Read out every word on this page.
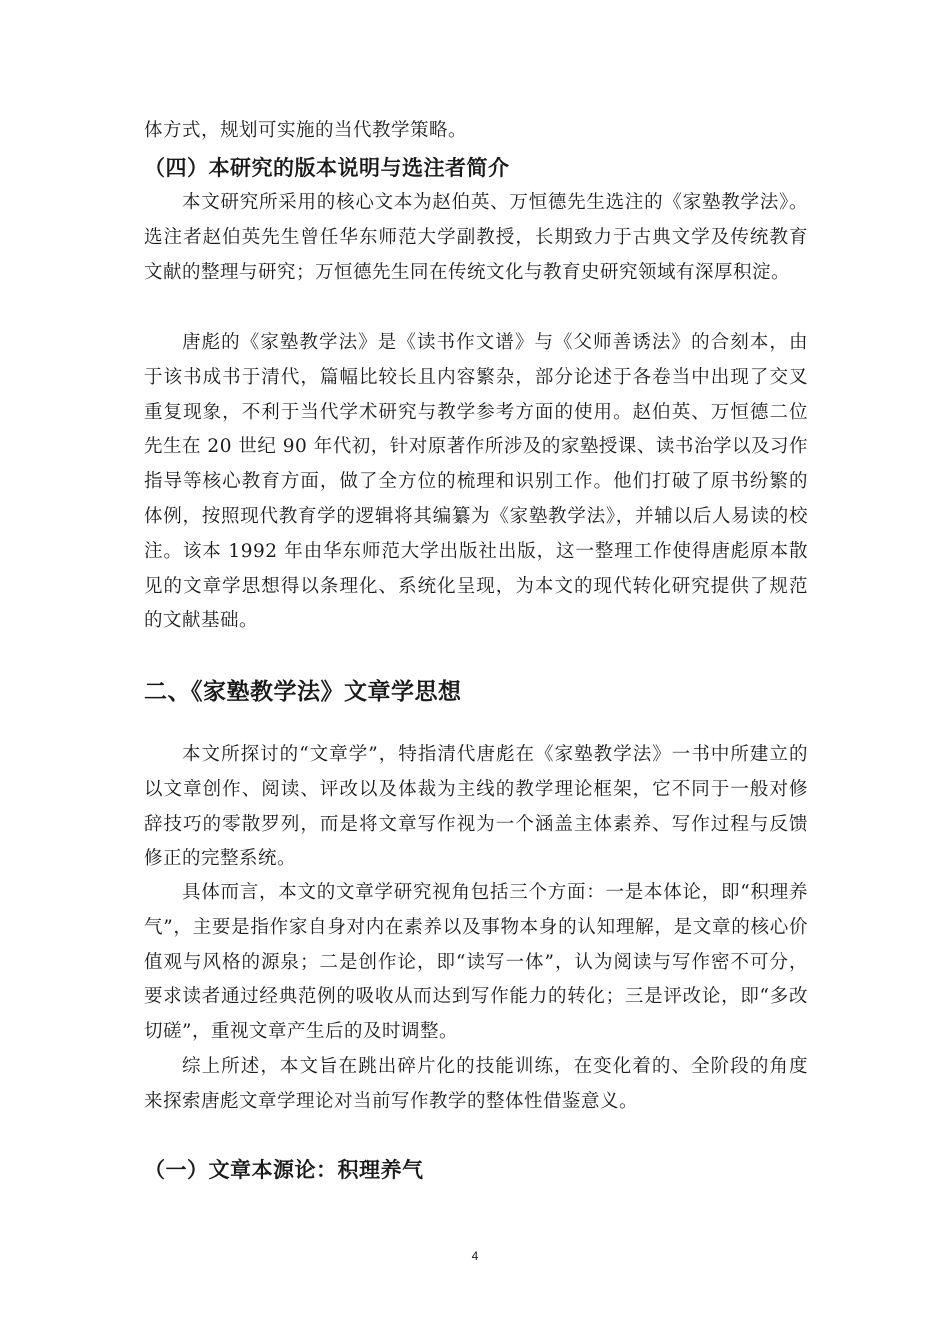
体方式，规划可实施的当代教学策略。

（四）本研究的版本说明与选注者简介

本文研究所采用的核心文本为赵伯英、万恒德先生选注的《家塾教学法》。选注者赵伯英先生曾任华东师范大学副教授，长期致力于古典文学及传统教育文献的整理与研究；万恒德先生同在传统文化与教育史研究领域有深厚积淀。

唐彪的《家塾教学法》是《读书作文谱》与《父师善诱法》的合刻本，由于该书成书于清代，篇幅比较长且内容繁杂，部分论述于各卷当中出现了交叉重复现象，不利于当代学术研究与教学参考方面的使用。赵伯英、万恒德二位先生在 20 世纪 90 年代初，针对原著作所涉及的家塾授课、读书治学以及习作指导等核心教育方面，做了全方位的梳理和识别工作。他们打破了原书纷繁的体例，按照现代教育学的逻辑将其编纂为《家塾教学法》，并辅以后人易读的校注。该本 1992 年由华东师范大学出版社出版，这一整理工作使得唐彪原本散见的文章学思想得以条理化、系统化呈现，为本文的现代转化研究提供了规范的文献基础。

二、《家塾教学法》文章学思想

本文所探讨的“文章学”，特指清代唐彪在《家塾教学法》一书中所建立的以文章创作、阅读、评改以及体裁为主线的教学理论框架，它不同于一般对修辞技巧的零散罗列，而是将文章写作视为一个涵盖主体素养、写作过程与反馈修正的完整系统。

具体而言，本文的文章学研究视角包括三个方面：一是本体论，即“积理养气”，主要是指作家自身对内在素养以及事物本身的认知理解，是文章的核心价值观与风格的源泉；二是创作论，即“读写一体”，认为阅读与写作密不可分，要求读者通过经典范例的吸收从而达到写作能力的转化；三是评改论，即“多改切磋”，重视文章产生后的及时调整。

综上所述，本文旨在跳出碎片化的技能训练，在变化着的、全阶段的角度来探索唐彪文章学理论对当前写作教学的整体性借鉴意义。

（一）文章本源论：积理养气
4
